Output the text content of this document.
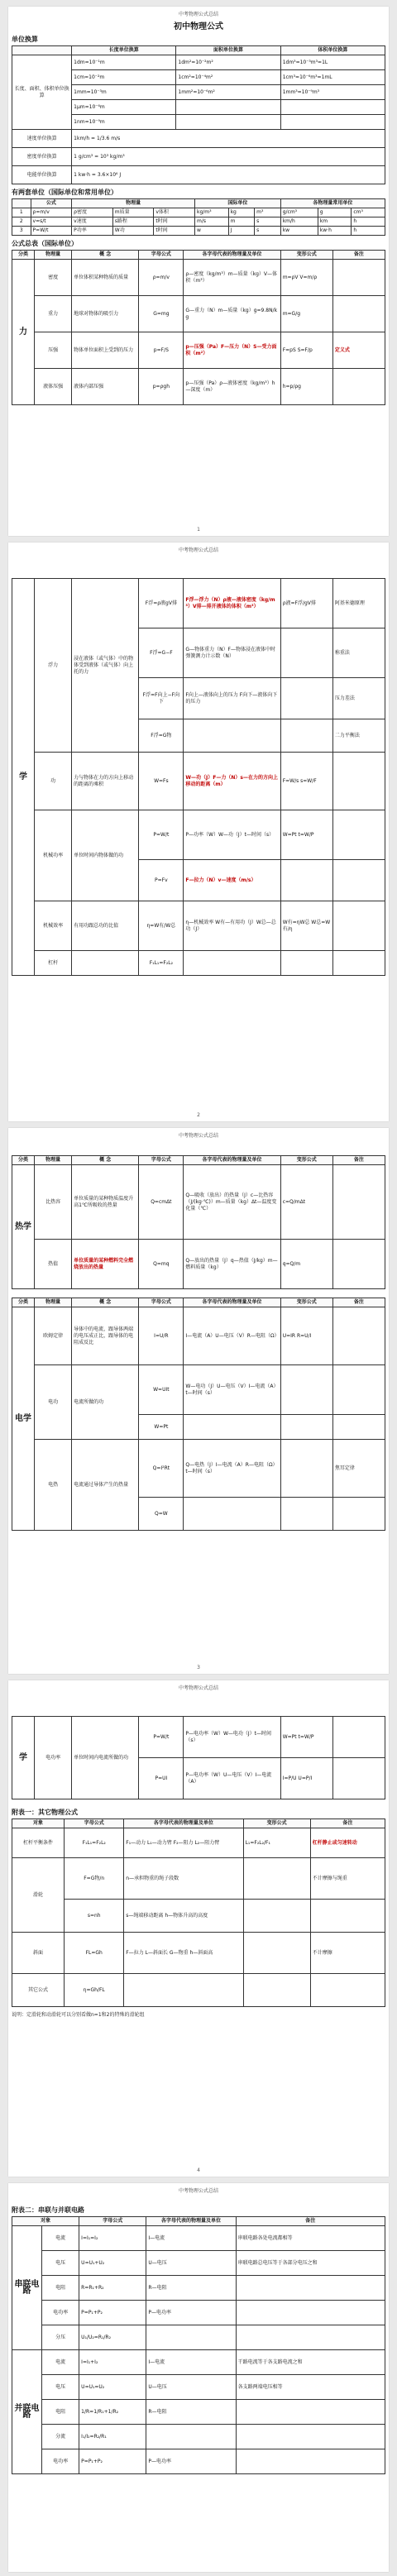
中考物理公式总结
初中物理公式
单位换算
	长度单位换算	面积单位换算	体积单位换算
长度、面积、体积单位换算	1dm=10⁻¹m	1dm²=10⁻²m²	1dm³=10⁻³m³=1L
	1cm=10⁻²m	1cm²=10⁻⁴m²	1cm³=10⁻⁶m³=1mL
	1mm=10⁻³m	1mm²=10⁻⁶m²	1mm³=10⁻⁹m³
	1μm=10⁻⁶m		
	1nm=10⁻⁹m		
速度单位换算	1km/h = 1/3.6 m/s		
密度单位换算	1 g/cm³ = 10³ kg/m³		
电能单位换算	1 kw·h = 3.6×10⁶ J		
有两套单位（国际单位和常用单位）
	公式	物理量			国际单位			各物理量常用单位		
1	ρ=m/v	ρ密度	m质量	v体积	kg/m³	kg	m³	g/cm³	g	cm³
2	v=s/t	v速度	s路程	t时间	m/s	m	s	km/h	km	h
3	P=W/t	P功率	W功	t时间	w	J	s	kw	kw·h	h
公式总表（国际单位）
分类	物理量	概 念	字母公式	各字母代表的物理量及单位	变形公式	备注
力	密度	单位体积某种物质的质量	ρ=m/v	ρ—密度（kg/m³）m—质量（kg）V—体积（m³）	m=ρV V=m/ρ	
	重力	地球对物体的吸引力	G=mg	G—重力（N）m—质量（kg）g=9.8N/kg	m=G/g	
	压强	物体单位面积上受到的压力	p=F/S	p—压强（Pa）F—压力（N）S—受力面积（m²）	F=pS S=F/p	定义式
	液体压强	液体内部压强	p=ρgh	p—压强（Pa）ρ—液体密度（kg/m³）h—深度（m）	h=p/ρg	
1
中考物理公式总结
学	浮力	浸在液体（或气体）中的物体受到液体（或气体）向上托的力	F浮=ρ液gV排	F浮—浮力（N）ρ液—液体密度（kg/m³）V排—排开液体的体积（m³）	ρ液=F浮/gV排	阿基米德原理
			F浮=G−F	G—物体重力（N）F—物体浸在液体中时弹簧测力计示数（N）		称重法
			F浮=F向上−F向下	F向上—液体向上的压力 F向下—液体向下的压力		压力差法
			F浮=G物			二力平衡法
	功	力与物体在力的方向上移动的距离的乘积	W=Fs	W—功（J）F—力（N）s—在力的方向上移动的距离（m）	F=W/s s=W/F	
	机械功率	单位时间内物体做的功	P=W/t	P—功率（W）W—功（J）t—时间（s）	W=Pt t=W/P	
			P=Fv	F—拉力（N）v—速度（m/s）		
	机械效率	有用功跟总功的比值	η=W有/W总	η—机械效率 W有—有用功（J）W总—总功（J）	W有=ηW总 W总=W有/η	
	杠杆		F₁L₁=F₂L₂			
2
中考物理公式总结
分类	物理量	概 念	字母公式	各字母代表的物理量及单位	变形公式	备注
热学	比热容	单位质量的某种物质温度升高1℃所吸收的热量	Q=cmΔt	Q—吸收（放出）的热量（J）c—比热容（J/(kg·℃)）m—质量（kg）Δt—温度变化量（℃）	c=Q/mΔt	
	热值	单位质量的某种燃料完全燃烧放出的热量	Q=mq	Q—放出的热量（J）q—热值（J/kg）m—燃料质量（kg）	q=Q/m	
分类	物理量	概 念	字母公式	各字母代表的物理量及单位	变形公式	备注
电学	欧姆定律	导体中的电流，跟导体两端的电压成正比，跟导体的电阻成反比	I=U/R	I—电流（A）U—电压（V）R—电阻（Ω）	U=IR R=U/I	
	电功	电流所做的功	W=UIt	W—电功（J）U—电压（V）I—电流（A）t—时间（s）		
			W=Pt			
	电热	电流通过导体产生的热量	Q=I²Rt	Q—电热（J）I—电流（A）R—电阻（Ω）t—时间（s）		焦耳定律
			Q=W			
3
中考物理公式总结
学	电功率	单位时间内电流所做的功	P=W/t	P—电功率（W）W—电功（J）t—时间（s）	W=Pt t=W/P	
			P=UI	P—电功率（W）U—电压（V）I—电流（A）	I=P/U U=P/I	
附表一：其它物理公式
对象	字母公式	各字母代表的物理量及单位	变形公式	备注
杠杆平衡条件	F₁L₁=F₂L₂	F₁—动力 L₁—动力臂 F₂—阻力 L₂—阻力臂	L₁=F₂L₂/F₁	杠杆静止或匀速转动
滑轮	F=G物/n	n—承担物重的绳子段数		不计摩擦与绳重
	s=nh	s—绳端移动距离 h—物体升高的高度		
斜面	FL=Gh	F—拉力 L—斜面长 G—物重 h—斜面高		不计摩擦
其它公式	η=Gh/FL			
说明：定滑轮和动滑轮可以分别看做n=1和2的特殊的滑轮组
4
中考物理公式总结
附表二：串联与并联电路
对象		字母公式	各字母代表的物理量及单位	备注
串联电路	电流	I=I₁=I₂	I—电流	串联电路各处电流都相等
	电压	U=U₁+U₂	U—电压	串联电路总电压等于各部分电压之和
	电阻	R=R₁+R₂	R—电阻	
	电功率	P=P₁+P₂	P—电功率	
	分压	U₁/U₂=R₁/R₂		
并联电路	电流	I=I₁+I₂	I—电流	干路电流等于各支路电流之和
	电压	U=U₁=U₂	U—电压	各支路两端电压相等
	电阻	1/R=1/R₁+1/R₂	R—电阻	
	分流	I₁/I₂=R₂/R₁		
	电功率	P=P₁+P₂	P—电功率	
